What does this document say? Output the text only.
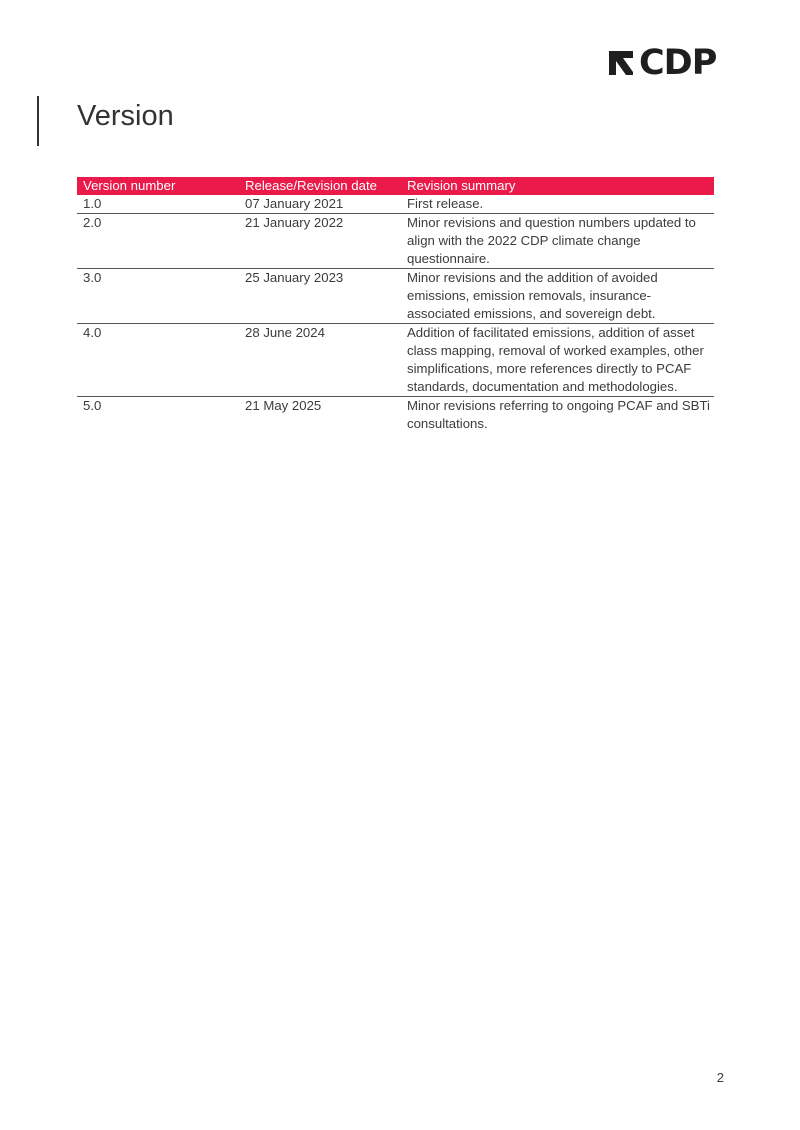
CDP
Version
Version number	Release/Revision date	Revision summary
1.0	07 January 2021	First release.
2.0	21 January 2022	Minor revisions and question numbers updated to align with the 2022 CDP climate change questionnaire.
3.0	25 January 2023	Minor revisions and the addition of avoided emissions, emission removals, insurance-associated emissions, and sovereign debt.
4.0	28 June 2024	Addition of facilitated emissions, addition of asset class mapping, removal of worked examples, other simplifications, more references directly to PCAF standards, documentation and methodologies.
5.0	21 May 2025	Minor revisions referring to ongoing PCAF and SBTi consultations.
2
